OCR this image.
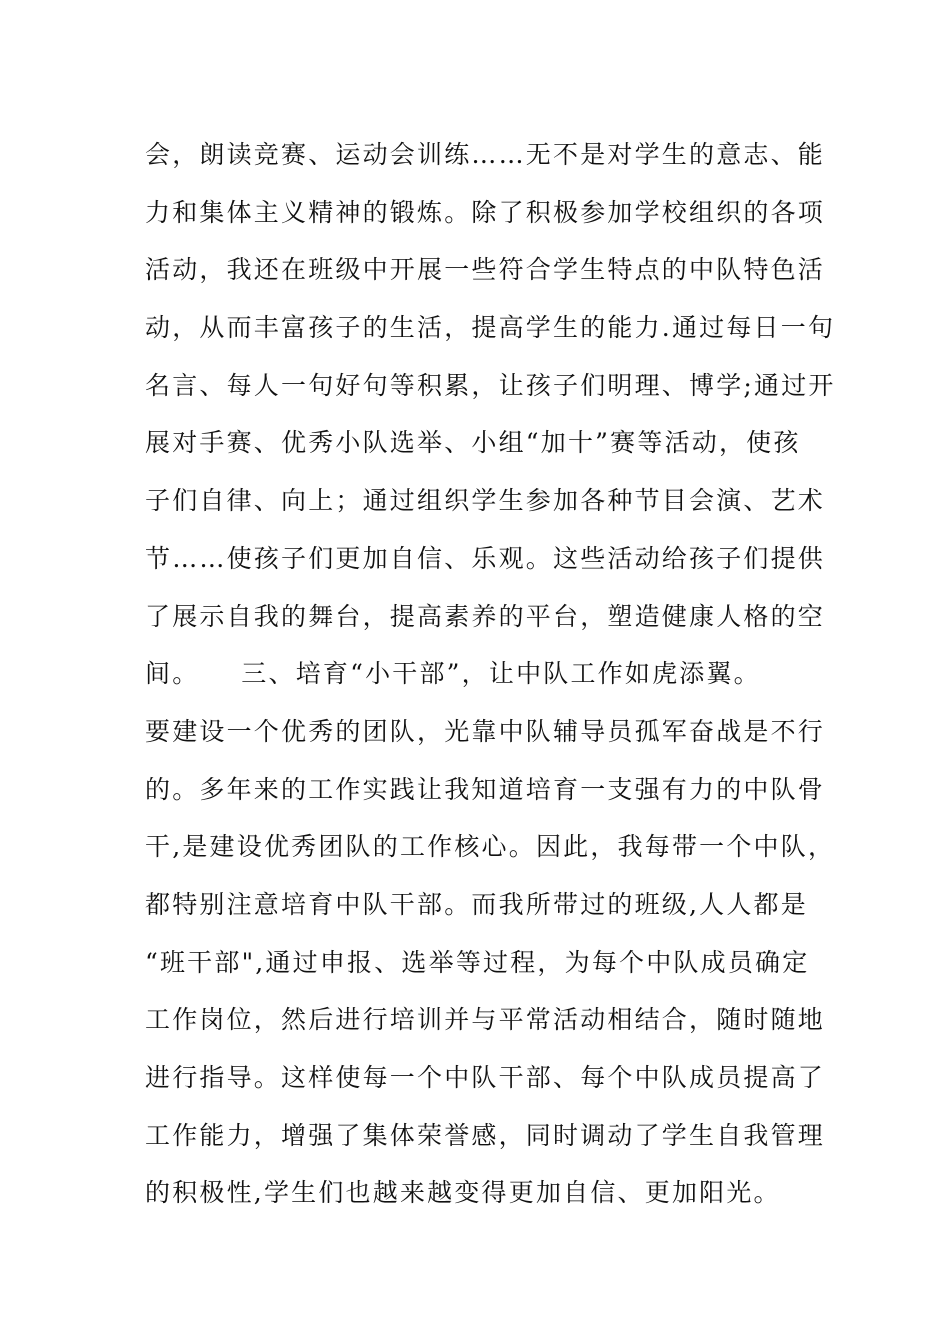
会，朗读竞赛、运动会训练……无不是对学生的意志、能
力和集体主义精神的锻炼。除了积极参加学校组织的各项
活动，我还在班级中开展一些符合学生特点的中队特色活
动，从而丰富孩子的生活，提高学生的能力.通过每日一句
名言、每人一句好句等积累，让孩子们明理、博学;通过开
展对手赛、优秀小队选举、小组“加十”赛等活动，使孩
子们自律、向上；通过组织学生参加各种节目会演、艺术
节……使孩子们更加自信、乐观。这些活动给孩子们提供
了展示自我的舞台，提高素养的平台，塑造健康人格的空
间。　　三、培育“小干部”，让中队工作如虎添翼。
要建设一个优秀的团队，光靠中队辅导员孤军奋战是不行
的。多年来的工作实践让我知道培育一支强有力的中队骨
干,是建设优秀团队的工作核心。因此，我每带一个中队，
都特别注意培育中队干部。而我所带过的班级,人人都是
“班干部",通过申报、选举等过程，为每个中队成员确定
工作岗位，然后进行培训并与平常活动相结合，随时随地
进行指导。这样使每一个中队干部、每个中队成员提高了
工作能力，增强了集体荣誉感，同时调动了学生自我管理
的积极性,学生们也越来越变得更加自信、更加阳光。
